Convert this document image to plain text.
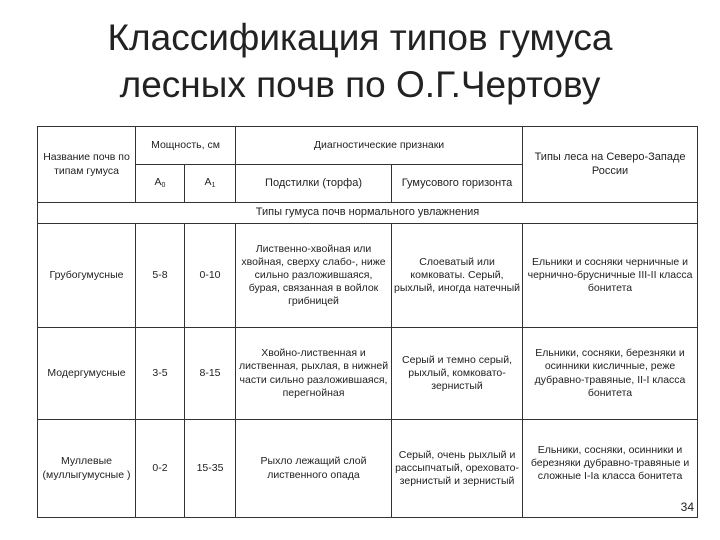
Классификация типов гумуса
лесных почв по О.Г.Чертову
Название почв по типам гумуса	Мощность, см		Диагностические признаки		Типы леса на Северо-Западе России

	$А_0$	$А_1$	Подстилки (торфа)	Гумусового горизонта	

Типы гумуса почв нормального увлажнения					

Грубогумусные	5-8	0-10	Лиственно-хвойная или хвойная, сверху слабо-, ниже сильно разложившаяся, бурая, связанная в войлок грибницей	Слоеватый или комковаты. Серый, рыхлый, иногда натечный	Ельники и сосняки черничные и чернично-брусничные III-II класса бонитета

Модергумусные	3-5	8-15	Хвойно-лиственная и лиственная, рыхлая, в нижней части сильно разложившаяся, перегнойная	Серый и темно серый, рыхлый, комковато-зернистый	Ельники, сосняки, березняки и осинники кисличные, реже дубравно-травяные, II-I класса бонитета

Муллевые (муллыгумусные )	0-2	15-35	Рыхло лежащий слой лиственного опада	Серый, очень рыхлый и рассыпчатый, ореховато-зернистый и зернистый	Ельники, сосняки, осинники и березняки дубравно-травяные и сложные I-Ia класса бонитета
34
